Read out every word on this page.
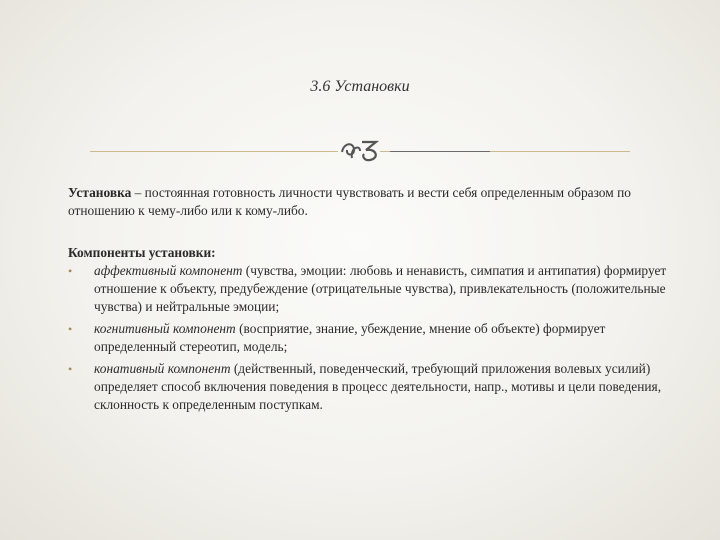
3.6 Установки

Установка – постоянная готовность личности чувствовать и вести себя определенным образом по отношению к чему-либо или к кому-либо.

Компоненты установки:

• аффективный компонент (чувства, эмоции: любовь и ненависть, симпатия и антипатия) формирует отношение к объекту, предубеждение (отрицательные чувства), привлекательность (положительные чувства) и нейтральные эмоции;
• когнитивный компонент (восприятие, знание, убеждение, мнение об объекте) формирует определенный стереотип, модель;
• конативный компонент (действенный, поведенческий, требующий приложения волевых усилий) определяет способ включения поведения в процесс деятельности, напр., мотивы и цели поведения, склонность к определенным поступкам.
